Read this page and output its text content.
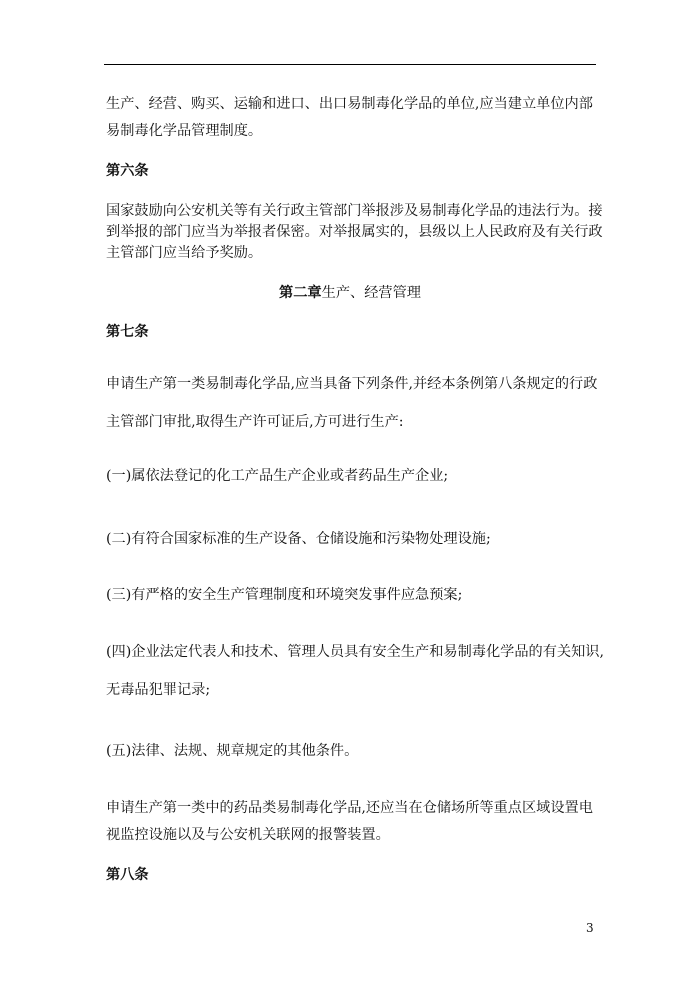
生产、经营、购买、运输和进口、出口易制毒化学品的单位,应当建立单位内部
易制毒化学品管理制度。
第六条
国家鼓励向公安机关等有关行政主管部门举报涉及易制毒化学品的违法行为。接
到举报的部门应当为举报者保密。对举报属实的，县级以上人民政府及有关行政
主管部门应当给予奖励。
第二章生产、经营管理
第七条
申请生产第一类易制毒化学品,应当具备下列条件,并经本条例第八条规定的行政
主管部门审批,取得生产许可证后,方可进行生产:
(一)属依法登记的化工产品生产企业或者药品生产企业;
(二)有符合国家标准的生产设备、仓储设施和污染物处理设施;
(三)有严格的安全生产管理制度和环境突发事件应急预案;
(四)企业法定代表人和技术、管理人员具有安全生产和易制毒化学品的有关知识,
无毒品犯罪记录;
(五)法律、法规、规章规定的其他条件。
申请生产第一类中的药品类易制毒化学品,还应当在仓储场所等重点区域设置电
视监控设施以及与公安机关联网的报警装置。
第八条
3
